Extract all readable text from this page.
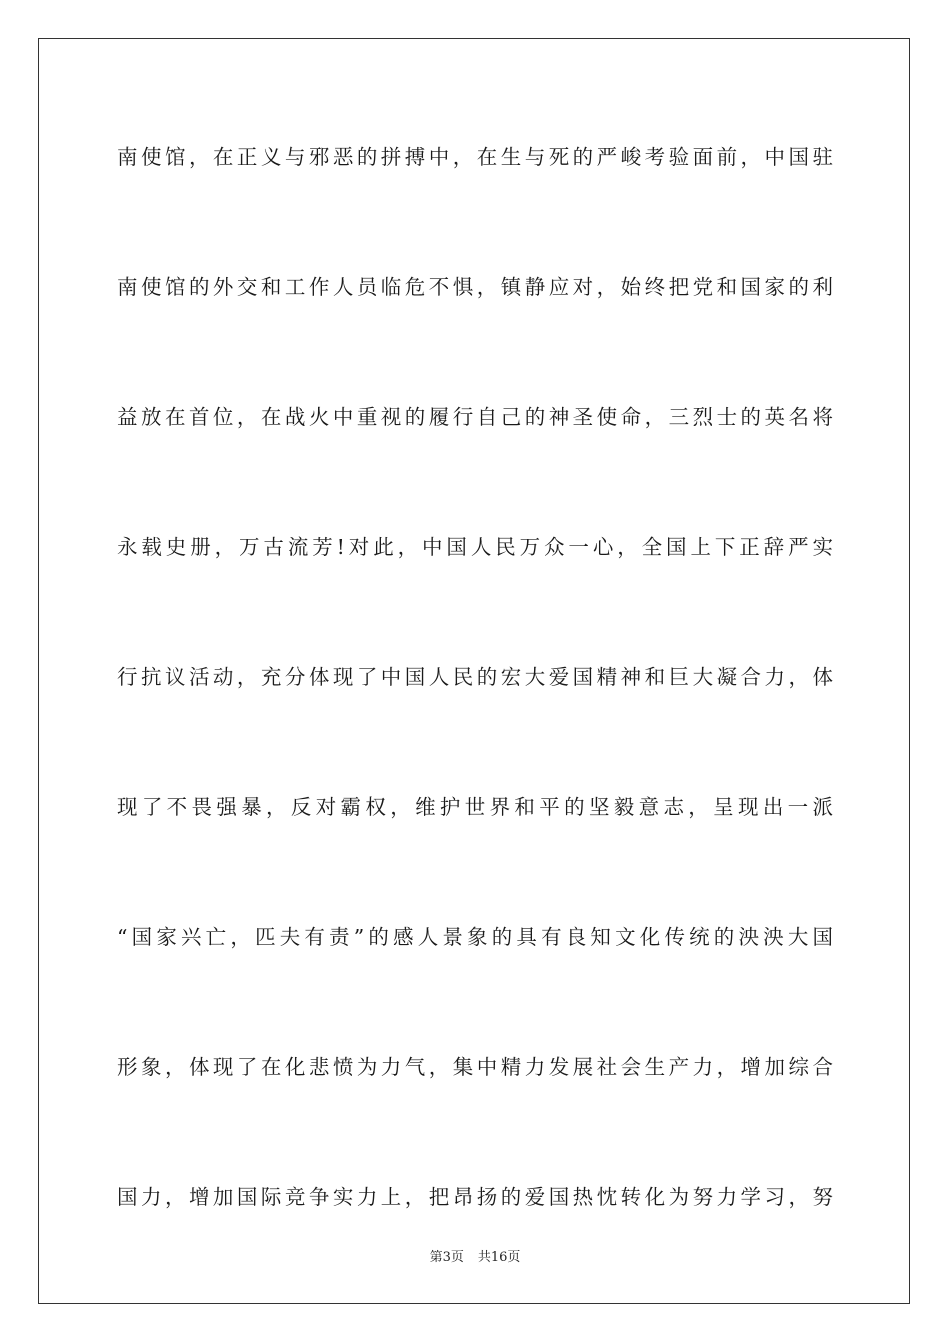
南使馆，在正义与邪恶的拼搏中，在生与死的严峻考验面前，中国驻
南使馆的外交和工作人员临危不惧，镇静应对，始终把党和国家的利
益放在首位，在战火中重视的履行自己的神圣使命，三烈士的英名将
永载史册，万古流芳!对此，中国人民万众一心，全国上下正辞严实
行抗议活动，充分体现了中国人民的宏大爱国精神和巨大凝合力，体
现了不畏强暴，反对霸权，维护世界和平的坚毅意志，呈现出一派
“国家兴亡，匹夫有责”的感人景象的具有良知文化传统的泱泱大国
形象，体现了在化悲愤为力气，集中精力发展社会生产力，增加综合
国力，增加国际竞争实力上，把昂扬的爱国热忱转化为努力学习，努
第3页 共16页
